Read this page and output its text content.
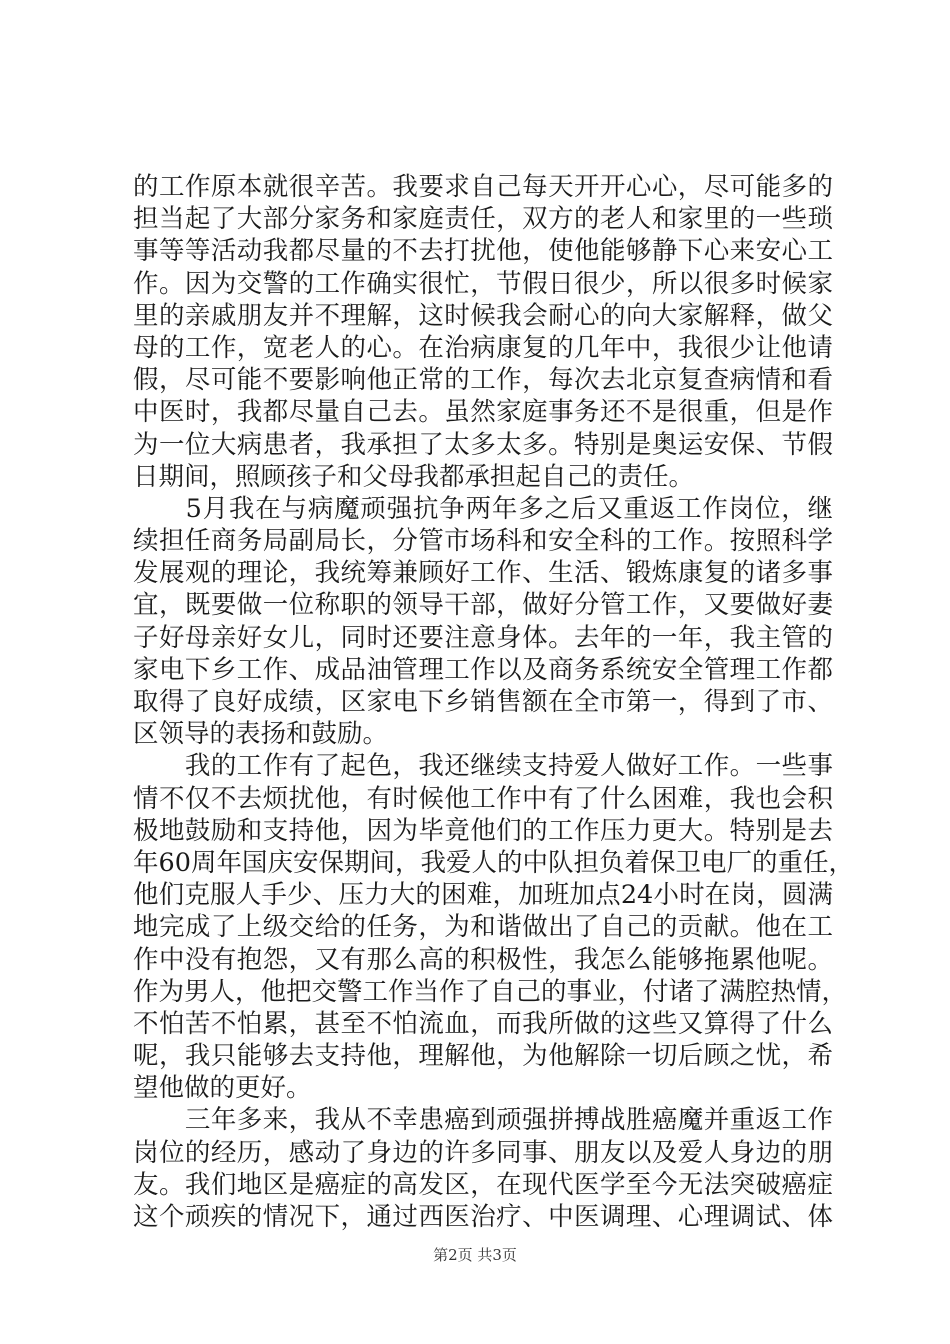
的工作原本就很辛苦。我要求自己每天开开心心，尽可能多的
担当起了大部分家务和家庭责任，双方的老人和家里的一些琐
事等等活动我都尽量的不去打扰他，使他能够静下心来安心工
作。因为交警的工作确实很忙，节假日很少，所以很多时候家
里的亲戚朋友并不理解，这时候我会耐心的向大家解释，做父
母的工作，宽老人的心。在治病康复的几年中，我很少让他请
假，尽可能不要影响他正常的工作，每次去北京复查病情和看
中医时，我都尽量自己去。虽然家庭事务还不是很重，但是作
为一位大病患者，我承担了太多太多。特别是奥运安保、节假
日期间，照顾孩子和父母我都承担起自己的责任。
　　5月我在与病魔顽强抗争两年多之后又重返工作岗位，继
续担任商务局副局长，分管市场科和安全科的工作。按照科学
发展观的理论，我统筹兼顾好工作、生活、锻炼康复的诸多事
宜，既要做一位称职的领导干部，做好分管工作，又要做好妻
子好母亲好女儿，同时还要注意身体。去年的一年，我主管的
家电下乡工作、成品油管理工作以及商务系统安全管理工作都
取得了良好成绩，区家电下乡销售额在全市第一，得到了市、
区领导的表扬和鼓励。
　　我的工作有了起色，我还继续支持爱人做好工作。一些事
情不仅不去烦扰他，有时候他工作中有了什么困难，我也会积
极地鼓励和支持他，因为毕竟他们的工作压力更大。特别是去
年60周年国庆安保期间，我爱人的中队担负着保卫电厂的重任，
他们克服人手少、压力大的困难，加班加点24小时在岗，圆满
地完成了上级交给的任务，为和谐做出了自己的贡献。他在工
作中没有抱怨，又有那么高的积极性，我怎么能够拖累他呢。
作为男人，他把交警工作当作了自己的事业，付诸了满腔热情，
不怕苦不怕累，甚至不怕流血，而我所做的这些又算得了什么
呢，我只能够去支持他，理解他，为他解除一切后顾之忧，希
望他做的更好。
　　三年多来，我从不幸患癌到顽强拼搏战胜癌魔并重返工作
岗位的经历，感动了身边的许多同事、朋友以及爱人身边的朋
友。我们地区是癌症的高发区，在现代医学至今无法突破癌症
这个顽疾的情况下，通过西医治疗、中医调理、心理调试、体
第2页 共3页
